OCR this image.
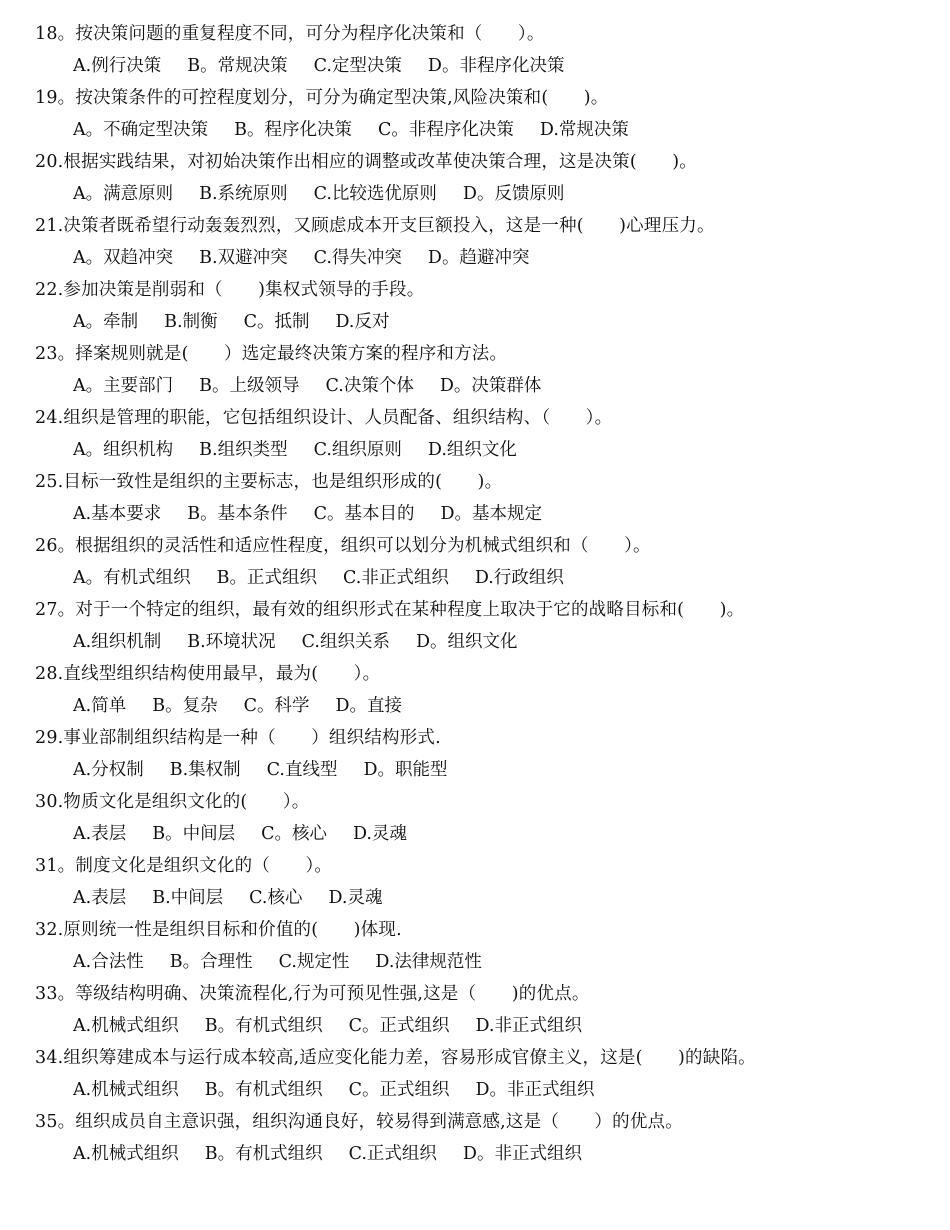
18。按决策问题的重复程度不同，可分为程序化决策和（　　）。
A.例行决策 B。常规决策 C.定型决策 D。非程序化决策
19。按决策条件的可控程度划分，可分为确定型决策,风险决策和(　　)。
A。不确定型决策 B。程序化决策 C。非程序化决策 D.常规决策
20.根据实践结果，对初始决策作出相应的调整或改革使决策合理，这是决策(　　)。
A。满意原则 B.系统原则 C.比较选优原则 D。反馈原则
21.决策者既希望行动轰轰烈烈，又顾虑成本开支巨额投入，这是一种(　　)心理压力。
A。双趋冲突 B.双避冲突 C.得失冲突 D。趋避冲突
22.参加决策是削弱和（　　)集权式领导的手段。
A。牵制 B.制衡 C。抵制 D.反对
23。择案规则就是(　　）选定最终决策方案的程序和方法。
A。主要部门 B。上级领导 C.决策个体 D。决策群体
24.组织是管理的职能，它包括组织设计、人员配备、组织结构、（　　）。
A。组织机构 B.组织类型 C.组织原则 D.组织文化
25.目标一致性是组织的主要标志，也是组织形成的(　　)。
A.基本要求 B。基本条件 C。基本目的 D。基本规定
26。根据组织的灵活性和适应性程度，组织可以划分为机械式组织和（　　）。
A。有机式组织 B。正式组织 C.非正式组织 D.行政组织
27。对于一个特定的组织，最有效的组织形式在某种程度上取决于它的战略目标和(　　)。
A.组织机制 B.环境状况 C.组织关系 D。组织文化
28.直线型组织结构使用最早，最为(　　）。
A.简单 B。复杂 C。科学 D。直接
29.事业部制组织结构是一种（　　）组织结构形式.
A.分权制 B.集权制 C.直线型 D。职能型
30.物质文化是组织文化的(　　）。
A.表层 B。中间层 C。核心 D.灵魂
31。制度文化是组织文化的（　　）。
A.表层 B.中间层 C.核心 D.灵魂
32.原则统一性是组织目标和价值的(　　)体现.
A.合法性 B。合理性 C.规定性 D.法律规范性
33。等级结构明确、决策流程化,行为可预见性强,这是（　　)的优点。
A.机械式组织 B。有机式组织 C。正式组织 D.非正式组织
34.组织筹建成本与运行成本较高,适应变化能力差，容易形成官僚主义，这是(　　)的缺陷。
A.机械式组织 B。有机式组织 C。正式组织 D。非正式组织
35。组织成员自主意识强，组织沟通良好，较易得到满意感,这是（　　）的优点。
A.机械式组织 B。有机式组织 C.正式组织 D。非正式组织
